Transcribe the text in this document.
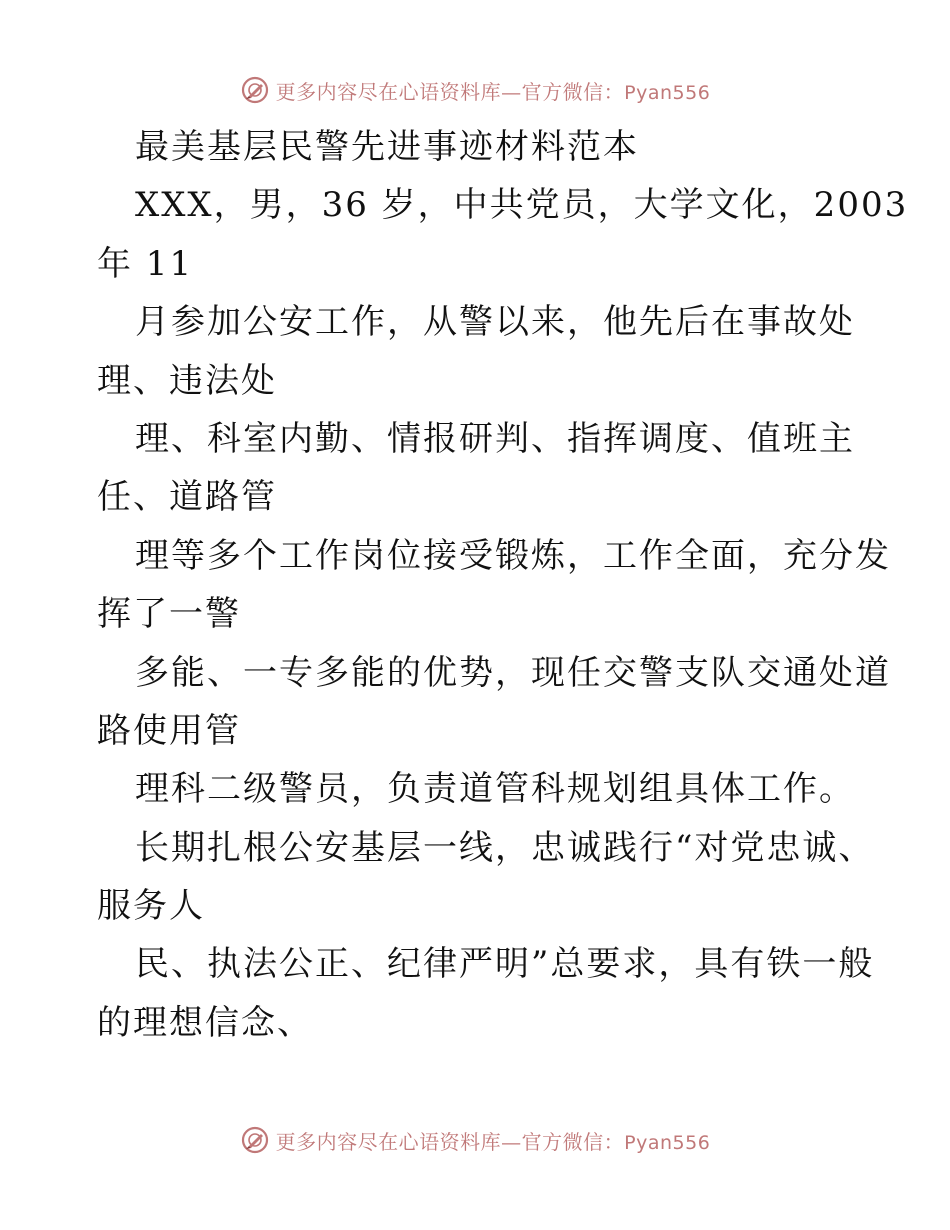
更多内容尽在心语资料库—官方微信：Pyan556
最美基层民警先进事迹材料范本
XXX，男，36 岁，中共党员，大学文化，2003
年 11
月参加公安工作，从警以来，他先后在事故处
理、违法处
理、科室内勤、情报研判、指挥调度、值班主
任、道路管
理等多个工作岗位接受锻炼，工作全面，充分发
挥了一警
多能、一专多能的优势，现任交警支队交通处道
路使用管
理科二级警员，负责道管科规划组具体工作。
长期扎根公安基层一线，忠诚践行“对党忠诚、
服务人
民、执法公正、纪律严明”总要求，具有铁一般
的理想信念、
更多内容尽在心语资料库—官方微信：Pyan556
